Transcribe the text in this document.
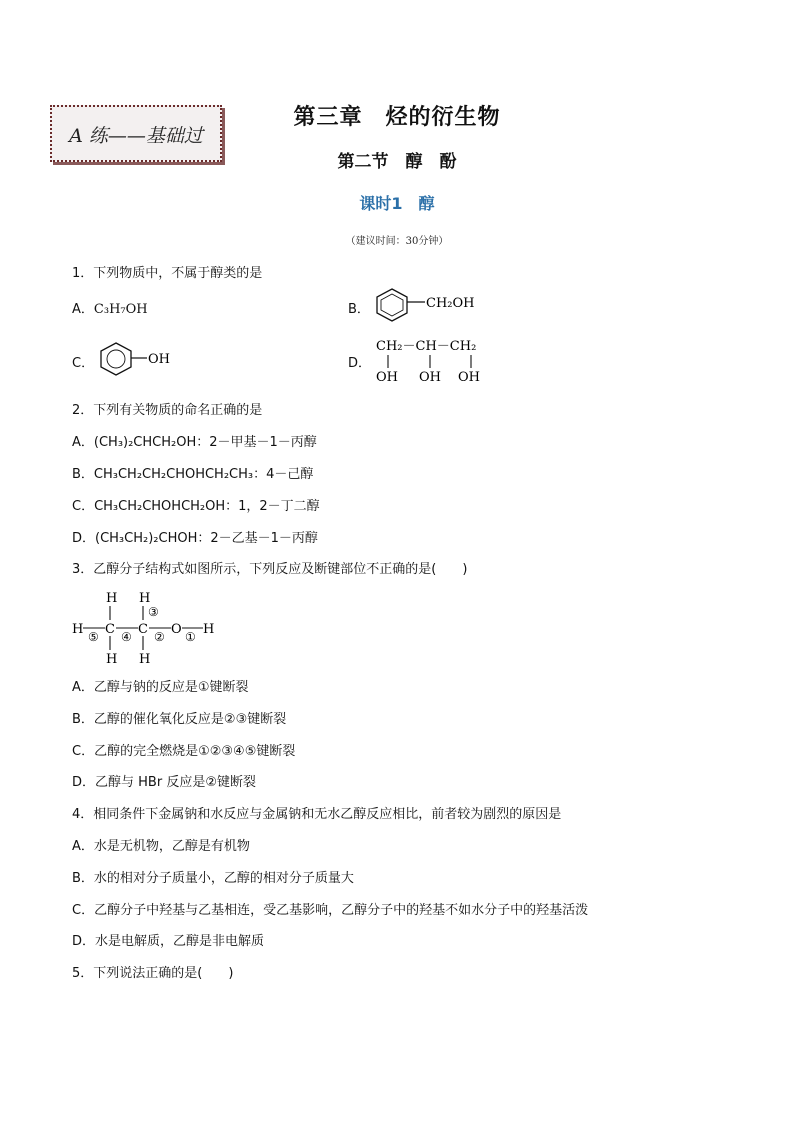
A 练——基础过
第三章　烃的衍生物
第二节　醇　酚
课时1　醇
（建议时间：30分钟）
1．下列物质中，不属于醇类的是
A．C₃H₇OH	B．	CH₂OH
C．	OH	D．
CH₂－CH－CH₂
OH OH OH
2．下列有关物质的命名正确的是
A．(CH₃)₂CHCH₂OH：2－甲基－1－丙醇
B．CH₃CH₂CH₂CHOHCH₂CH₃：4－己醇
C．CH₃CH₂CHOHCH₂OH：1，2－丁二醇
D．(CH₃CH₂)₂CHOH：2－乙基－1－丙醇
3．乙醇分子结构式如图所示，下列反应及断键部位不正确的是(　　)
H H
③
H ⑤ C ④ C ② O ① H
H H
A．乙醇与钠的反应是①键断裂
B．乙醇的催化氧化反应是②③键断裂
C．乙醇的完全燃烧是①②③④⑤键断裂
D．乙醇与 HBr 反应是②键断裂
4．相同条件下金属钠和水反应与金属钠和无水乙醇反应相比，前者较为剧烈的原因是
A．水是无机物，乙醇是有机物
B．水的相对分子质量小，乙醇的相对分子质量大
C．乙醇分子中羟基与乙基相连，受乙基影响，乙醇分子中的羟基不如水分子中的羟基活泼
D．水是电解质，乙醇是非电解质
5．下列说法正确的是(　　)
